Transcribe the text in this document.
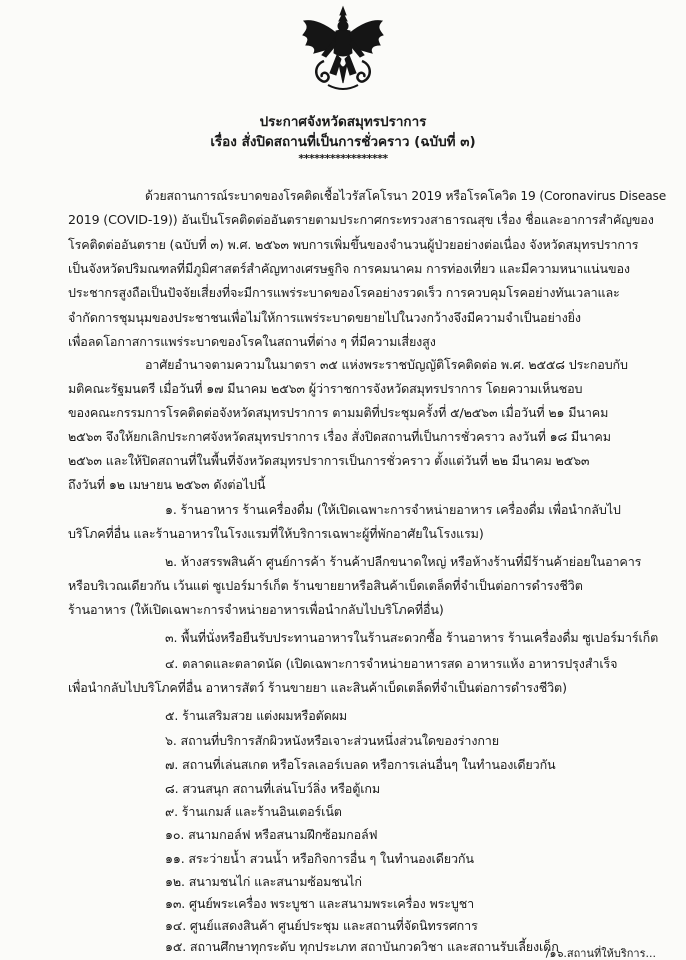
ประกาศจังหวัดสมุทรปราการ
เรื่อง สั่งปิดสถานที่เป็นการชั่วคราว (ฉบับที่ ๓)
*****************
ด้วยสถานการณ์ระบาดของโรคติดเชื้อไวรัสโคโรนา 2019 หรือโรคโควิด 19 (Coronavirus Disease
2019 (COVID-19)) อันเป็นโรคติดต่ออันตรายตามประกาศกระทรวงสาธารณสุข เรื่อง ชื่อและอาการสำคัญของ
โรคติดต่ออันตราย (ฉบับที่ ๓) พ.ศ. ๒๕๖๓ พบการเพิ่มขึ้นของจำนวนผู้ป่วยอย่างต่อเนื่อง จังหวัดสมุทรปราการ
เป็นจังหวัดปริมณฑลที่มีภูมิศาสตร์สำคัญทางเศรษฐกิจ การคมนาคม การท่องเที่ยว และมีความหนาแน่นของ
ประชากรสูงถือเป็นปัจจัยเสี่ยงที่จะมีการแพร่ระบาดของโรคอย่างรวดเร็ว การควบคุมโรคอย่างทันเวลาและ
จำกัดการชุมนุมของประชาชนเพื่อไม่ให้การแพร่ระบาดขยายไปในวงกว้างจึงมีความจำเป็นอย่างยิ่ง
เพื่อลดโอกาสการแพร่ระบาดของโรคในสถานที่ต่าง ๆ ที่มีความเสี่ยงสูง
อาศัยอำนาจตามความในมาตรา ๓๕ แห่งพระราชบัญญัติโรคติดต่อ พ.ศ. ๒๕๕๘ ประกอบกับ
มติคณะรัฐมนตรี เมื่อวันที่ ๑๗ มีนาคม ๒๕๖๓ ผู้ว่าราชการจังหวัดสมุทรปราการ โดยความเห็นชอบ
ของคณะกรรมการโรคติดต่อจังหวัดสมุทรปราการ ตามมติที่ประชุมครั้งที่ ๕/๒๕๖๓ เมื่อวันที่ ๒๑ มีนาคม
๒๕๖๓ จึงให้ยกเลิกประกาศจังหวัดสมุทรปราการ เรื่อง สั่งปิดสถานที่เป็นการชั่วคราว ลงวันที่ ๑๘ มีนาคม
๒๕๖๓ และให้ปิดสถานที่ในพื้นที่จังหวัดสมุทรปราการเป็นการชั่วคราว ตั้งแต่วันที่ ๒๒ มีนาคม ๒๕๖๓
ถึงวันที่ ๑๒ เมษายน ๒๕๖๓ ดังต่อไปนี้
๑. ร้านอาหาร ร้านเครื่องดื่ม (ให้เปิดเฉพาะการจำหน่ายอาหาร เครื่องดื่ม เพื่อนำกลับไป
บริโภคที่อื่น และร้านอาหารในโรงแรมที่ให้บริการเฉพาะผู้ที่พักอาศัยในโรงแรม)
๒. ห้างสรรพสินค้า ศูนย์การค้า ร้านค้าปลีกขนาดใหญ่ หรือห้างร้านที่มีร้านค้าย่อยในอาคาร
หรือบริเวณเดียวกัน เว้นแต่ ซูเปอร์มาร์เก็ต ร้านขายยาหรือสินค้าเบ็ดเตล็ดที่จำเป็นต่อการดำรงชีวิต
ร้านอาหาร (ให้เปิดเฉพาะการจำหน่ายอาหารเพื่อนำกลับไปบริโภคที่อื่น)
๓. พื้นที่นั่งหรือยืนรับประทานอาหารในร้านสะดวกซื้อ ร้านอาหาร ร้านเครื่องดื่ม ซูเปอร์มาร์เก็ต
๔. ตลาดและตลาดนัด (เปิดเฉพาะการจำหน่ายอาหารสด อาหารแห้ง อาหารปรุงสำเร็จ
เพื่อนำกลับไปบริโภคที่อื่น อาหารสัตว์ ร้านขายยา และสินค้าเบ็ดเตล็ดที่จำเป็นต่อการดำรงชีวิต)
๕. ร้านเสริมสวย แต่งผมหรือตัดผม
๖. สถานที่บริการสักผิวหนังหรือเจาะส่วนหนึ่งส่วนใดของร่างกาย
๗. สถานที่เล่นสเกต หรือโรลเลอร์เบลด หรือการเล่นอื่นๆ ในทำนองเดียวกัน
๘. สวนสนุก สถานที่เล่นโบว์ลิ่ง หรือตู้เกม
๙. ร้านเกมส์ และร้านอินเตอร์เน็ต
๑๐. สนามกอล์ฟ หรือสนามฝึกซ้อมกอล์ฟ
๑๑. สระว่ายน้ำ สวนน้ำ หรือกิจการอื่น ๆ ในทำนองเดียวกัน
๑๒. สนามชนไก่ และสนามซ้อมชนไก่
๑๓. ศูนย์พระเครื่อง พระบูชา และสนามพระเครื่อง พระบูชา
๑๔. ศูนย์แสดงสินค้า ศูนย์ประชุม และสถานที่จัดนิทรรศการ
๑๕. สถานศึกษาทุกระดับ ทุกประเภท สถาบันกวดวิชา และสถานรับเลี้ยงเด็ก
/๑๖.สถานที่ให้บริการ...
